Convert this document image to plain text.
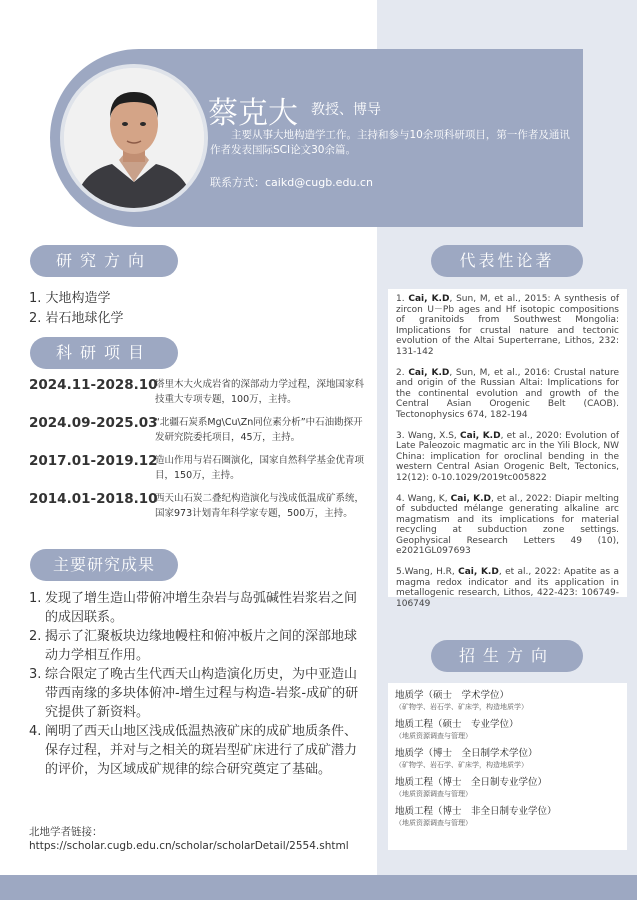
蔡克大 教授、博导
主要从事大地构造学工作。主持和参与10余项科研项目，第一作者及通讯作者发表国际SCI论文30余篇。
联系方式：caikd@cugb.edu.cn
研究方向
1. 大地构造学
2. 岩石地球化学
科研项目
2024.11-2028.10
塔里木大火成岩省的深部动力学过程，深地国家科技重大专项专题，100万，主持。
2024.09-2025.03
“北疆石炭系Mg\Cu\Zn同位素分析”中石油勘探开发研究院委托项目，45万，主持。
2017.01-2019.12
造山作用与岩石圈演化，国家自然科学基金优青项目，150万，主持。
2014.01-2018.10
西天山石炭二叠纪构造演化与浅成低温成矿系统，国家973计划青年科学家专题，500万，主持。
主要研究成果
1. 发现了增生造山带俯冲增生杂岩与岛弧碱性岩浆岩之间的成因联系。
2. 揭示了汇聚板块边缘地幔柱和俯冲板片之间的深部地球动力学相互作用。
3. 综合限定了晚古生代西天山构造演化历史，为中亚造山带西南缘的多块体俯冲-增生过程与构造-岩浆-成矿的研究提供了新资料。
4. 阐明了西天山地区浅成低温热液矿床的成矿地质条件、保存过程，并对与之相关的斑岩型矿床进行了成矿潜力的评价，为区域成矿规律的综合研究奠定了基础。
北地学者链接：
https://scholar.cugb.edu.cn/scholar/scholarDetail/2554.shtml
代表性论著

1. Cai, K.D, Sun, M, et al., 2015: A synthesis of zircon U－Pb ages and Hf isotopic compositions of granitoids from Southwest Mongolia: Implications for crustal nature and tectonic evolution of the Altai Superterrane, Lithos, 232: 131-142

2. Cai, K.D, Sun, M, et al., 2016: Crustal nature and origin of the Russian Altai: Implications for the continental evolution and growth of the Central Asian Orogenic Belt (CAOB). Tectonophysics 674, 182-194

3. Wang, X.S, Cai, K.D, et al., 2020: Evolution of Late Paleozoic magmatic arc in the Yili Block, NW China: implication for oroclinal bending in the western Central Asian Orogenic Belt, Tectonics, 12(12): 0-10.1029/2019tc005822

4. Wang, K, Cai, K.D, et al., 2022: Diapir melting of subducted mélange generating alkaline arc magmatism and its implications for material recycling at subduction zone settings. Geophysical Research Letters 49 (10), e2021GL097693

5.Wang, H.R, Cai, K.D, et al., 2022: Apatite as a magma redox indicator and its application in metallogenic research, Lithos, 422-423: 106749-106749

招生方向
地质学（硕士　学术学位）
（矿物学、岩石学、矿床学，构造地质学）
地质工程（硕士　专业学位）
（地质资源调查与管理）
地质学（博士　全日制学术学位）
（矿物学、岩石学、矿床学，构造地质学）
地质工程（博士　全日制专业学位）
（地质资源调查与管理）
地质工程（博士　非全日制专业学位）
（地质资源调查与管理）
